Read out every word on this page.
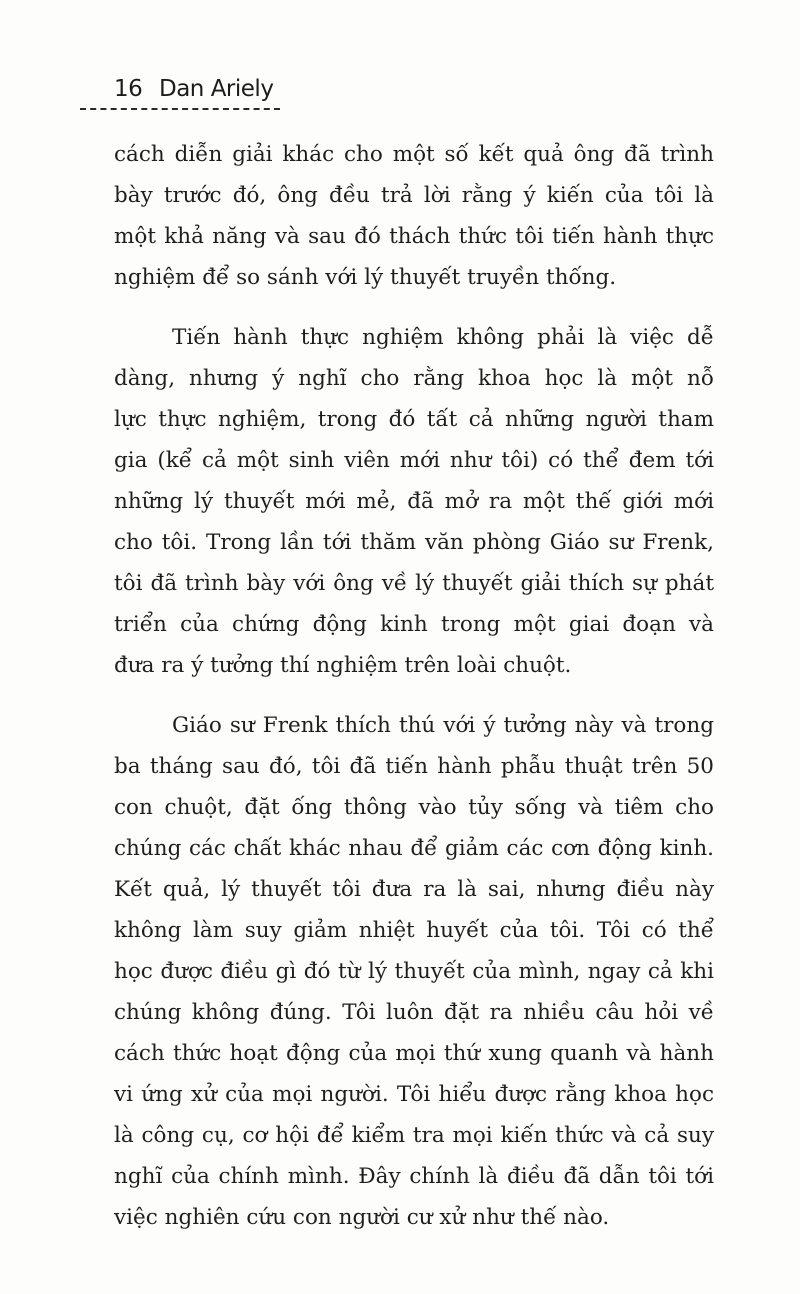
16 Dan Ariely
cách diễn giải khác cho một số kết quả ông đã trình
bày trước đó, ông đều trả lời rằng ý kiến của tôi là
một khả năng và sau đó thách thức tôi tiến hành thực
nghiệm để so sánh với lý thuyết truyền thống.
Tiến hành thực nghiệm không phải là việc dễ
dàng, nhưng ý nghĩ cho rằng khoa học là một nỗ
lực thực nghiệm, trong đó tất cả những người tham
gia (kể cả một sinh viên mới như tôi) có thể đem tới
những lý thuyết mới mẻ, đã mở ra một thế giới mới
cho tôi. Trong lần tới thăm văn phòng Giáo sư Frenk,
tôi đã trình bày với ông về lý thuyết giải thích sự phát
triển của chứng động kinh trong một giai đoạn và
đưa ra ý tưởng thí nghiệm trên loài chuột.
Giáo sư Frenk thích thú với ý tưởng này và trong
ba tháng sau đó, tôi đã tiến hành phẫu thuật trên 50
con chuột, đặt ống thông vào tủy sống và tiêm cho
chúng các chất khác nhau để giảm các cơn động kinh.
Kết quả, lý thuyết tôi đưa ra là sai, nhưng điều này
không làm suy giảm nhiệt huyết của tôi. Tôi có thể
học được điều gì đó từ lý thuyết của mình, ngay cả khi
chúng không đúng. Tôi luôn đặt ra nhiều câu hỏi về
cách thức hoạt động của mọi thứ xung quanh và hành
vi ứng xử của mọi người. Tôi hiểu được rằng khoa học
là công cụ, cơ hội để kiểm tra mọi kiến thức và cả suy
nghĩ của chính mình. Đây chính là điều đã dẫn tôi tới
việc nghiên cứu con người cư xử như thế nào.
